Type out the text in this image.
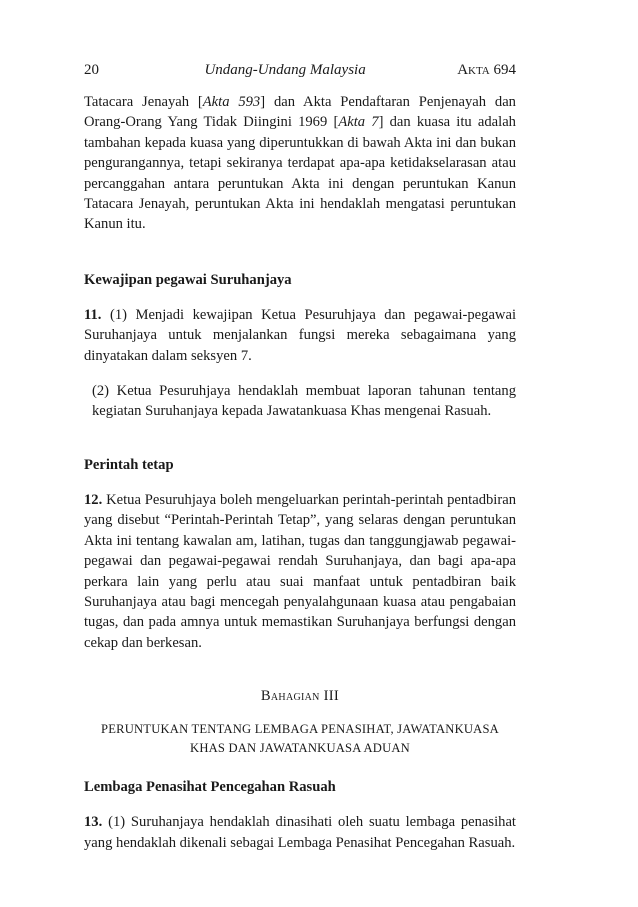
20	Undang-Undang Malaysia	Akta 694

Tatacara Jenayah [Akta 593] dan Akta Pendaftaran Penjenayah dan Orang-Orang Yang Tidak Diingini 1969 [Akta 7] dan kuasa itu adalah tambahan kepada kuasa yang diperuntukkan di bawah Akta ini dan bukan pengurangannya, tetapi sekiranya terdapat apa-apa ketidakselarasan atau percanggahan antara peruntukan Akta ini dengan peruntukan Kanun Tatacara Jenayah, peruntukan Akta ini hendaklah mengatasi peruntukan Kanun itu.

Kewajipan pegawai Suruhanjaya

11. (1) Menjadi kewajipan Ketua Pesuruhjaya dan pegawai-pegawai Suruhanjaya untuk menjalankan fungsi mereka sebagaimana yang dinyatakan dalam seksyen 7.

(2) Ketua Pesuruhjaya hendaklah membuat laporan tahunan tentang kegiatan Suruhanjaya kepada Jawatankuasa Khas mengenai Rasuah.

Perintah tetap

12. Ketua Pesuruhjaya boleh mengeluarkan perintah-perintah pentadbiran yang disebut “Perintah-Perintah Tetap”, yang selaras dengan peruntukan Akta ini tentang kawalan am, latihan, tugas dan tanggungjawab pegawai-pegawai dan pegawai-pegawai rendah Suruhanjaya, dan bagi apa-apa perkara lain yang perlu atau suai manfaat untuk pentadbiran baik Suruhanjaya atau bagi mencegah penyalahgunaan kuasa atau pengabaian tugas, dan pada amnya untuk memastikan Suruhanjaya berfungsi dengan cekap dan berkesan.

Bahagian III
PERUNTUKAN TENTANG LEMBAGA PENASIHAT, JAWATANKUASA
KHAS DAN JAWATANKUASA ADUAN
Lembaga Penasihat Pencegahan Rasuah

13. (1) Suruhanjaya hendaklah dinasihati oleh suatu lembaga penasihat yang hendaklah dikenali sebagai Lembaga Penasihat Pencegahan Rasuah.
